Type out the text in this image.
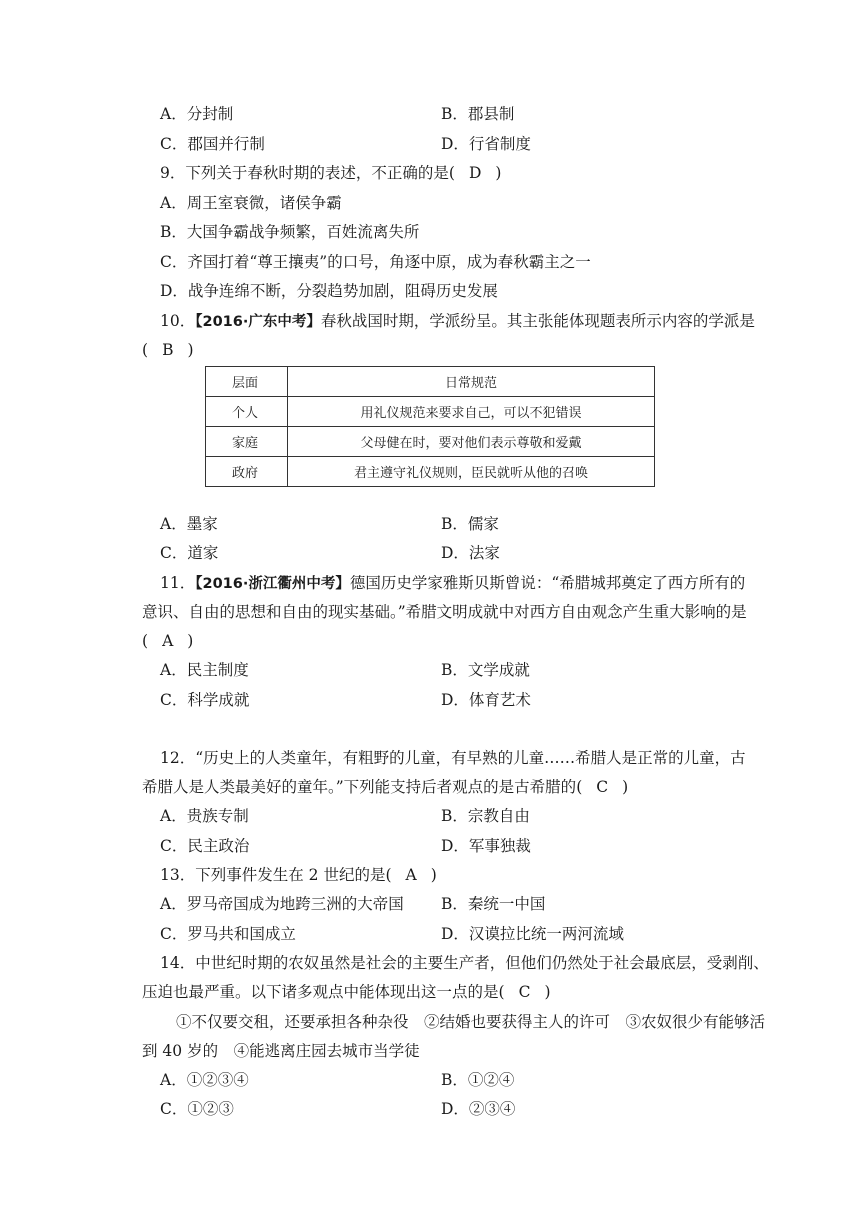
A．分封制	B．郡县制
C．郡国并行制	D．行省制度
9．下列关于春秋时期的表述，不正确的是( D )
A．周王室衰微，诸侯争霸
B．大国争霸战争频繁，百姓流离失所
C．齐国打着“尊王攘夷”的口号，角逐中原，成为春秋霸主之一
D．战争连绵不断，分裂趋势加剧，阻碍历史发展
10．【2016·广东中考】春秋战国时期，学派纷呈。其主张能体现题表所示内容的学派是
( B )
层面	日常规范
个人	用礼仪规范来要求自己，可以不犯错误
家庭	父母健在时，要对他们表示尊敬和爱戴
政府	君主遵守礼仪规则，臣民就听从他的召唤
A．墨家	B．儒家
C．道家	D．法家
11．【2016·浙江衢州中考】德国历史学家雅斯贝斯曾说：“希腊城邦奠定了西方所有的
意识、自由的思想和自由的现实基础。”希腊文明成就中对西方自由观念产生重大影响的是
( A )
A．民主制度	B．文学成就
C．科学成就	D．体育艺术
12．“历史上的人类童年，有粗野的儿童，有早熟的儿童……希腊人是正常的儿童，古
希腊人是人类最美好的童年。”下列能支持后者观点的是古希腊的( C )
A．贵族专制	B．宗教自由
C．民主政治	D．军事独裁
13．下列事件发生在 2 世纪的是( A )
A．罗马帝国成为地跨三洲的大帝国 B．秦统一中国
C．罗马共和国成立	D．汉谟拉比统一两河流域
14．中世纪时期的农奴虽然是社会的主要生产者，但他们仍然处于社会最底层，受剥削、
压迫也最严重。以下诸多观点中能体现出这一点的是( C )
①不仅要交租，还要承担各种杂役　②结婚也要获得主人的许可　③农奴很少有能够活
到 40 岁的　④能逃离庄园去城市当学徒
A．①②③④	B．①②④
C．①②③	D．②③④
